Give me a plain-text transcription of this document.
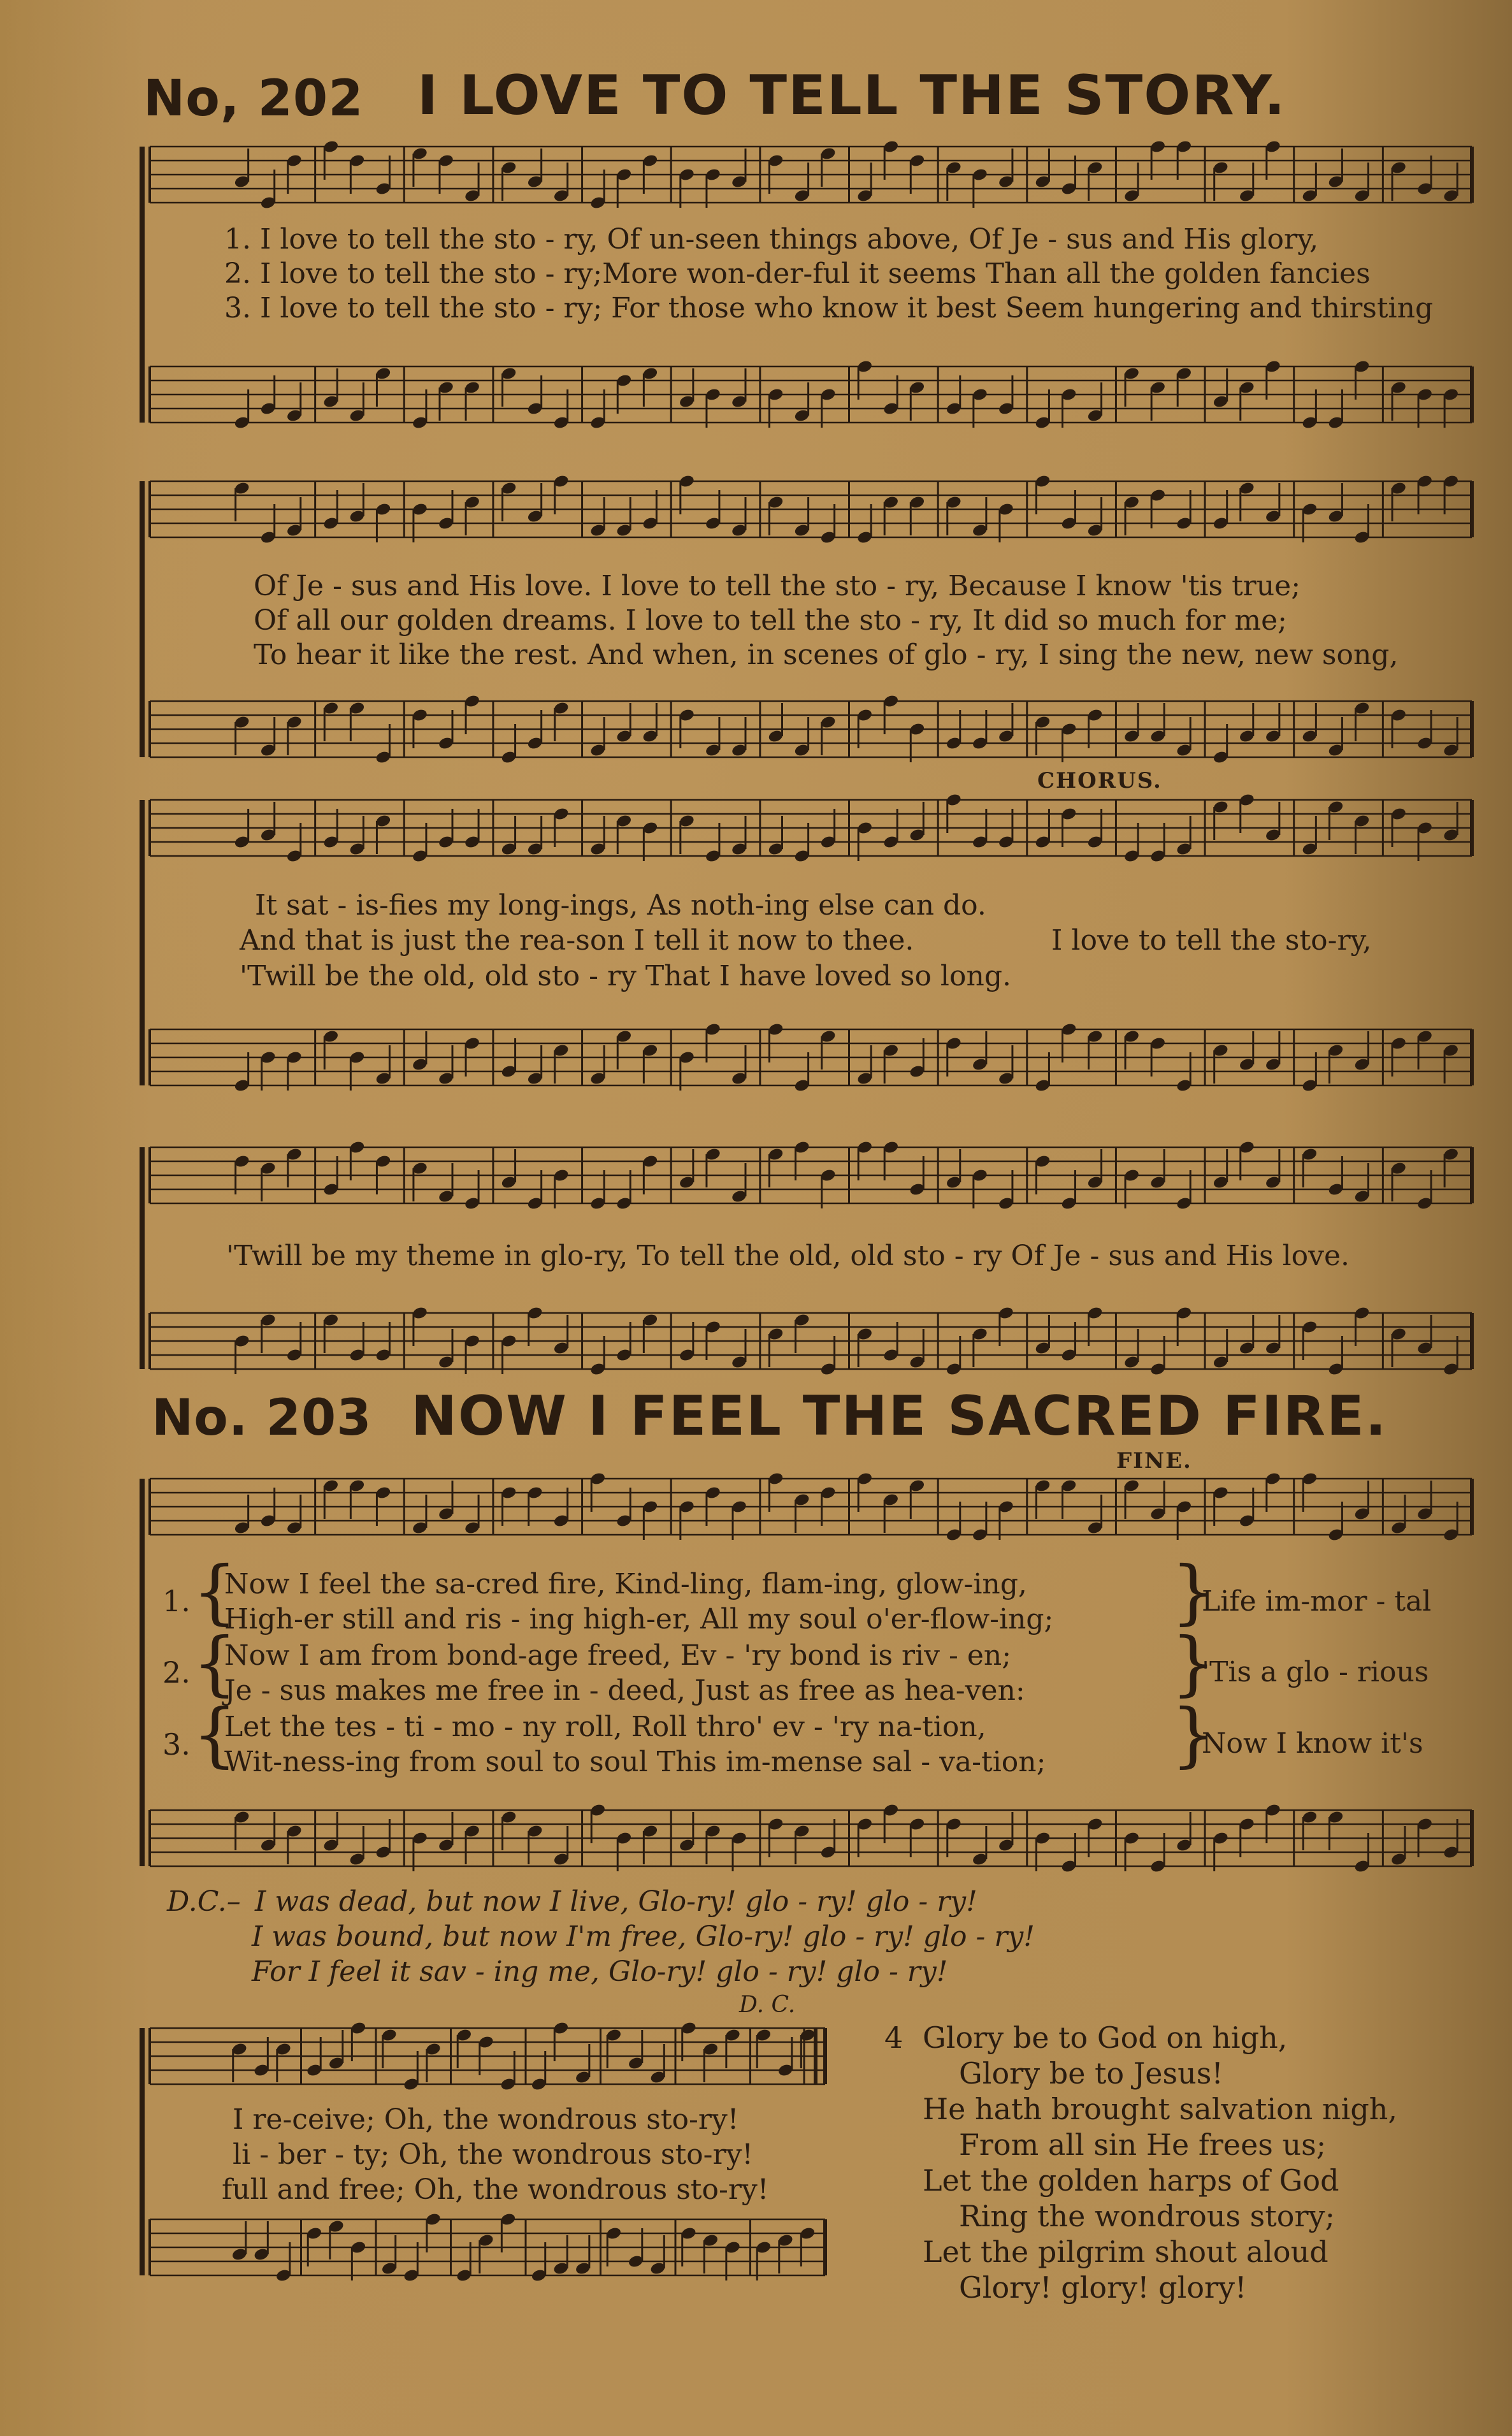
No, 202 I LOVE TO TELL THE STORY.
1. I love to tell the sto - ry, Of un-seen things above, Of Je - sus and His glory,
2. I love to tell the sto - ry;More won-der-ful it seems Than all the golden fancies
3. I love to tell the sto - ry; For those who know it best Seem hungering and thirsting
Of Je - sus and His love. I love to tell the sto - ry, Because I know 'tis true;
Of all our golden dreams. I love to tell the sto - ry, It did so much for me;
To hear it like the rest. And when, in scenes of glo - ry, I sing the new, new song,
CHORUS.
It sat - is-fies my long-ings, As noth-ing else can do.
And that is just the rea-son I tell it now to thee.
'Twill be the old, old sto - ry That I have loved so long.
I love to tell the sto-ry,
'Twill be my theme in glo-ry, To tell the old, old sto - ry Of Je - sus and His love.
No. 203 NOW I FEEL THE SACRED FIRE.
FINE.
1. {
Now I feel the sa-cred fire, Kind-ling, flam-ing, glow-ing,
High-er still and ris - ing high-er, All my soul o'er-flow-ing; }
Life im-mor - tal
2. {
Now I am from bond-age freed, Ev - 'ry bond is riv - en;
Je - sus makes me free in - deed, Just as free as hea-ven: }
'Tis a glo - rious
3. {
Let the tes - ti - mo - ny roll, Roll thro' ev - 'ry na-tion,
Wit-ness-ing from soul to soul This im-mense sal - va-tion; }
Now I know it's
D.C.– I was dead, but now I live, Glo-ry! glo - ry! glo - ry!
I was bound, but now I'm free, Glo-ry! glo - ry! glo - ry!
For I feel it sav - ing me, Glo-ry! glo - ry! glo - ry!
D. C.
I re-ceive; Oh, the wondrous sto-ry!
li - ber - ty; Oh, the wondrous sto-ry!
full and free; Oh, the wondrous sto-ry!
4 Glory be to God on high,
Glory be to Jesus!
He hath brought salvation nigh,
From all sin He frees us;
Let the golden harps of God
Ring the wondrous story;
Let the pilgrim shout aloud
Glory! glory! glory!
